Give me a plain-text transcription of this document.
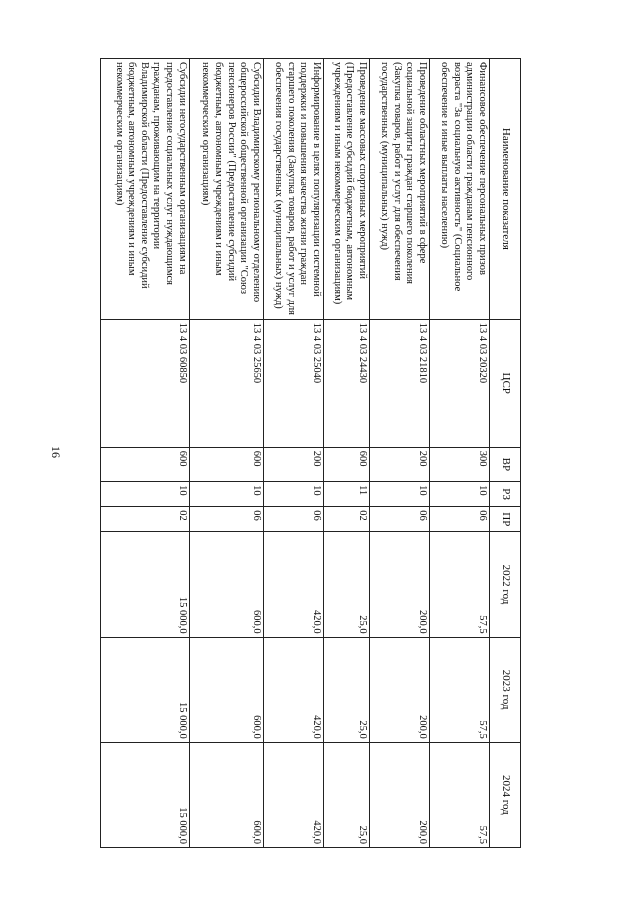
16
Наименование показателя	ЦСР	ВР	РЗ	ПР	2022 год	2023 год	2024 год
Финансовое обеспечение персональных призов администрации области гражданам пенсионного возраста "За социальную активность" (Социальное обеспечение и иные выплаты населению)	13 4 03 20320	300	10	06	57,5	57,5	57,5
Проведение областных мероприятий в сфере социальной защиты граждан старшего поколения (Закупка товаров, работ и услуг для обеспечения государственных (муниципальных) нужд)	13 4 03 21810	200	10	06	200,0	200,0	200,0
Проведение массовых спортивных мероприятий (Предоставление субсидий бюджетным, автономным учреждениям и иным некоммерческим организациям)	13 4 03 24430	600	11	02	25,0	25,0	25,0
Информирование в целях популяризации системной поддержки и повышения качества жизни граждан старшего поколения (Закупка товаров, работ и услуг для обеспечения государственных (муниципальных) нужд)	13 4 03 25040	200	10	06	420,0	420,0	420,0
Субсидии Владимирскому региональному отделению общероссийской общественной организации "Союз пенсионеров России" (Предоставление субсидий бюджетным, автономным учреждениям и иным некоммерческим организациям)	13 4 03 25650	600	10	06	600,0	600,0	600,0
Субсидии негосударственным организациям на предоставление социальных услуг нуждающимся гражданам, проживающим на территории Владимирской области (Предоставление субсидий бюджетным, автономным учреждениям и иным некоммерческим организациям)	13 4 03 60850	600	10	02	15 000,0	15 000,0	15 000,0
